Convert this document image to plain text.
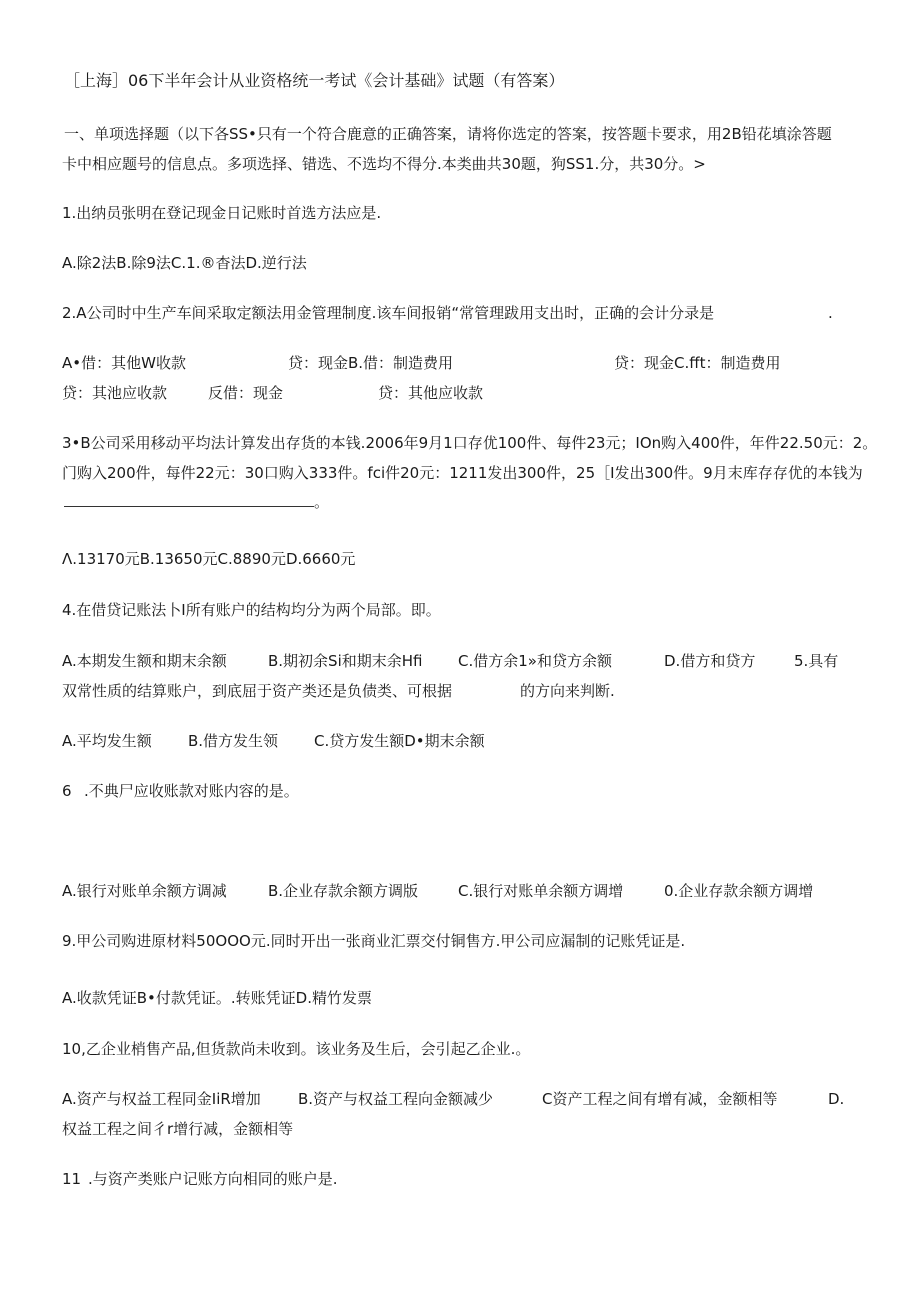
［上海］06下半年会计从业资格统一考试《会计基础》试题（有答案）
一、单项选择题（以下各SS•只有一个符合鹿意的正确答案，请将你选定的答案，按答题卡要求，用2B铅花填涂答题
卡中相应题号的信息点。多项选择、错选、不选均不得分.本类曲共30题，狗SS1.分，共30分。>
1.出纳员张明在登记现金日记账时首选方法应是.
A.除2法B.除9法C.1.®杳法D.逆行法
2.A公司时中生产车间采取定额法用金管理制度.该车间报销“常管理跋用支出时，正确的会计分录是	.
A•借：其他W收款	贷：现金B.借：制造费用	贷：现金C.fft：制造费用
贷：其池应收款	反借：现金	贷：其他应收款
3•B公司采用移动平均法计算发出存货的本钱.2006年9月1口存优100件、每件23元；IOn购入400件，年件22.50元：2。
门购入200件，每件22元：30口购入333件。fci件20元：1211发出300件，25［I发出300件。9月末库存存优的本钱为
。
Λ.13170元B.13650元C.8890元D.6660元
4.在借贷记账法卜I所有账户的结构均分为两个局部。即。
A.本期发生额和期末余额	B.期初余Si和期末余Hfi C.借方余1»和贷方余额	D.借方和贷方	5.具有
双常性质的结算账户，到底屈于资产类还是负债类、可根据	的方向来判断.
A.平均发生额 B.借方发生领 C.贷方发生额D•期末余额
6 .不典尸应收账款对账内容的是。
A.银行对账单余额方调减	B.企业存款余额方调版	C.银行对账单余额方调增	0.企业存款余额方调增
9.甲公司购进原材料50OOO元.同时开出一张商业汇票交付铜售方.甲公司应漏制的记账凭证是.
A.收款凭证B•付款凭证。.转账凭证D.精竹发票
10,乙企业梢售产品,但货款尚未收到。该业务及生后，会引起乙企业.。
A.资产与权益工程同金IiR增加 B.资产与权益工程向金额减少	C资产工程之间有增有减，金额相等	D.
权益工程之间彳r增行减，金额相等
11 .与资产类账户记账方向相同的账户是.
